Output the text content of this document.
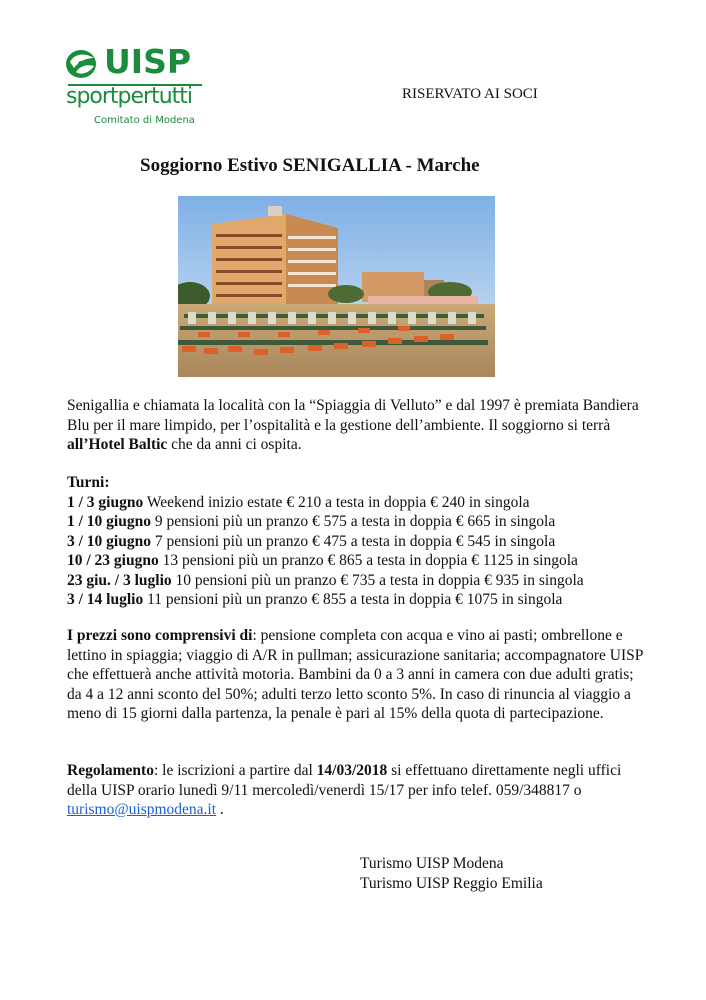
UISP
sportpertutti
Comitato di Modena
RISERVATO AI SOCI
Soggiorno Estivo SENIGALLIA - Marche
Senigallia e chiamata la località con la “Spiaggia di Velluto” e dal 1997 è premiata Bandiera Blu per il mare limpido, per l’ospitalità e la gestione dell’ambiente. Il soggiorno si terrà all’Hotel Baltic che da anni ci ospita.
Turni:
1 / 3 giugno Weekend inizio estate € 210 a testa in doppia € 240 in singola
1 / 10 giugno 9 pensioni più un pranzo € 575 a testa in doppia € 665 in singola
3 / 10 giugno 7 pensioni più un pranzo € 475 a testa in doppia € 545 in singola
10 / 23 giugno 13 pensioni più un pranzo € 865 a testa in doppia € 1125 in singola
23 giu. / 3 luglio 10 pensioni più un pranzo € 735 a testa in doppia € 935 in singola
3 / 14 luglio 11 pensioni più un pranzo € 855 a testa in doppia € 1075 in singola
I prezzi sono comprensivi di: pensione completa con acqua e vino ai pasti; ombrellone e lettino in spiaggia; viaggio di A/R in pullman; assicurazione sanitaria; accompagnatore UISP che effettuerà anche attività motoria. Bambini da 0 a 3 anni in camera con due adulti gratis; da 4 a 12 anni sconto del 50%; adulti terzo letto sconto 5%. In caso di rinuncia al viaggio a meno di 15 giorni dalla partenza, la penale è pari al 15% della quota di partecipazione.
Regolamento: le iscrizioni a partire dal 14/03/2018 si effettuano direttamente negli uffici della UISP orario lunedì 9/11 mercoledì/venerdì 15/17 per info telef. 059/348817 o turismo@uispmodena.it .
Turismo UISP Modena
Turismo UISP Reggio Emilia
